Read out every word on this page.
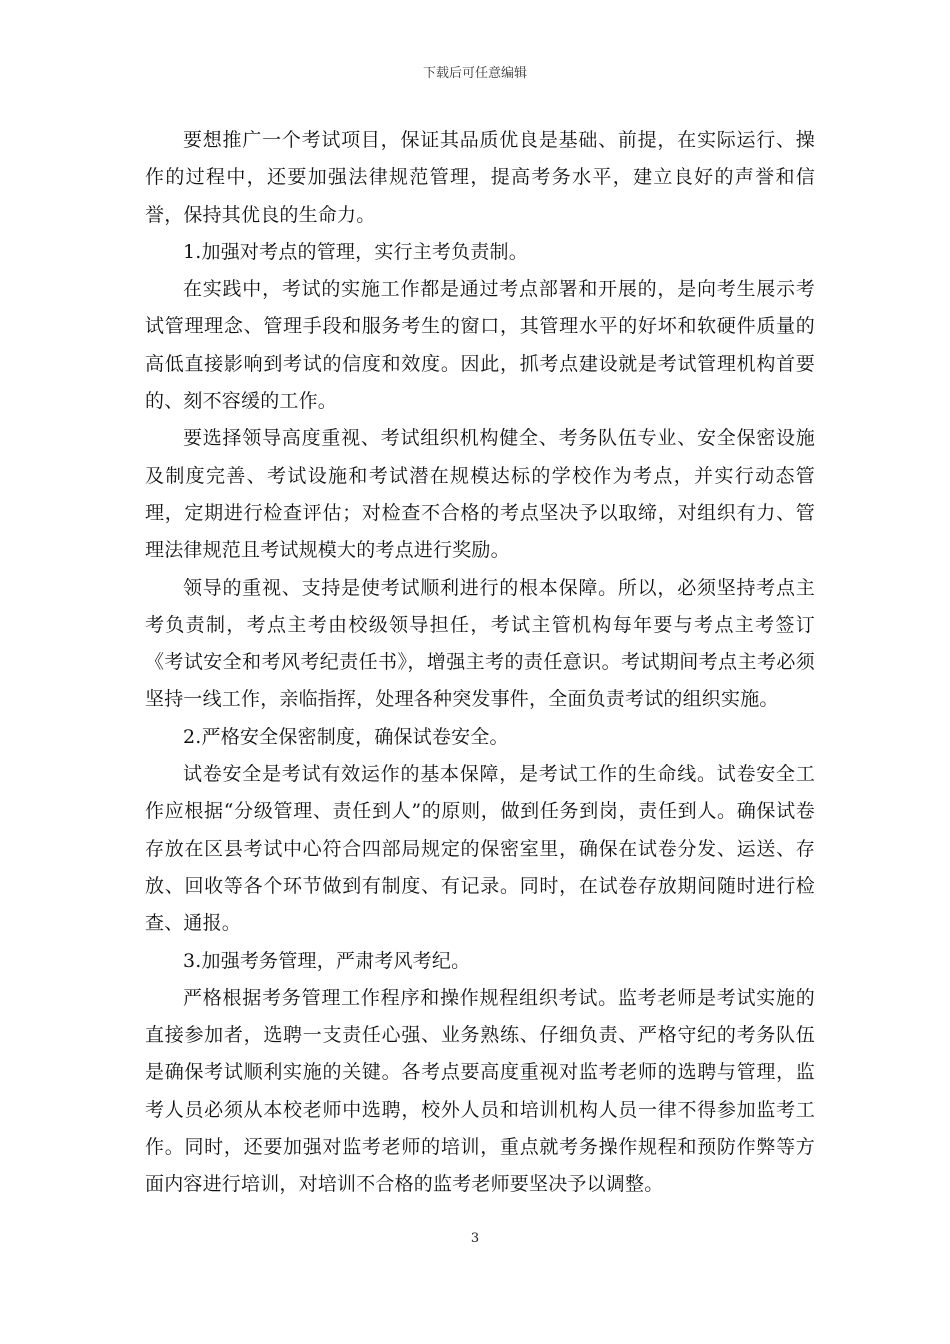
下载后可任意编辑

要想推广一个考试项目，保证其品质优良是基础、前提，在实际运行、操作的过程中，还要加强法律规范管理，提高考务水平，建立良好的声誉和信誉，保持其优良的生命力。

1.加强对考点的管理，实行主考负责制。

在实践中，考试的实施工作都是通过考点部署和开展的，是向考生展示考试管理理念、管理手段和服务考生的窗口，其管理水平的好坏和软硬件质量的高低直接影响到考试的信度和效度。因此，抓考点建设就是考试管理机构首要的、刻不容缓的工作。

要选择领导高度重视、考试组织机构健全、考务队伍专业、安全保密设施及制度完善、考试设施和考试潜在规模达标的学校作为考点，并实行动态管理，定期进行检查评估；对检查不合格的考点坚决予以取缔，对组织有力、管理法律规范且考试规模大的考点进行奖励。

领导的重视、支持是使考试顺利进行的根本保障。所以，必须坚持考点主考负责制，考点主考由校级领导担任，考试主管机构每年要与考点主考签订《考试安全和考风考纪责任书》，增强主考的责任意识。考试期间考点主考必须坚持一线工作，亲临指挥，处理各种突发事件，全面负责考试的组织实施。

2.严格安全保密制度，确保试卷安全。

试卷安全是考试有效运作的基本保障，是考试工作的生命线。试卷安全工作应根据“分级管理、责任到人”的原则，做到任务到岗，责任到人。确保试卷存放在区县考试中心符合四部局规定的保密室里，确保在试卷分发、运送、存放、回收等各个环节做到有制度、有记录。同时，在试卷存放期间随时进行检查、通报。

3.加强考务管理，严肃考风考纪。

严格根据考务管理工作程序和操作规程组织考试。监考老师是考试实施的直接参加者，选聘一支责任心强、业务熟练、仔细负责、严格守纪的考务队伍是确保考试顺利实施的关键。各考点要高度重视对监考老师的选聘与管理，监考人员必须从本校老师中选聘，校外人员和培训机构人员一律不得参加监考工作。同时，还要加强对监考老师的培训，重点就考务操作规程和预防作弊等方面内容进行培训，对培训不合格的监考老师要坚决予以调整。

3
